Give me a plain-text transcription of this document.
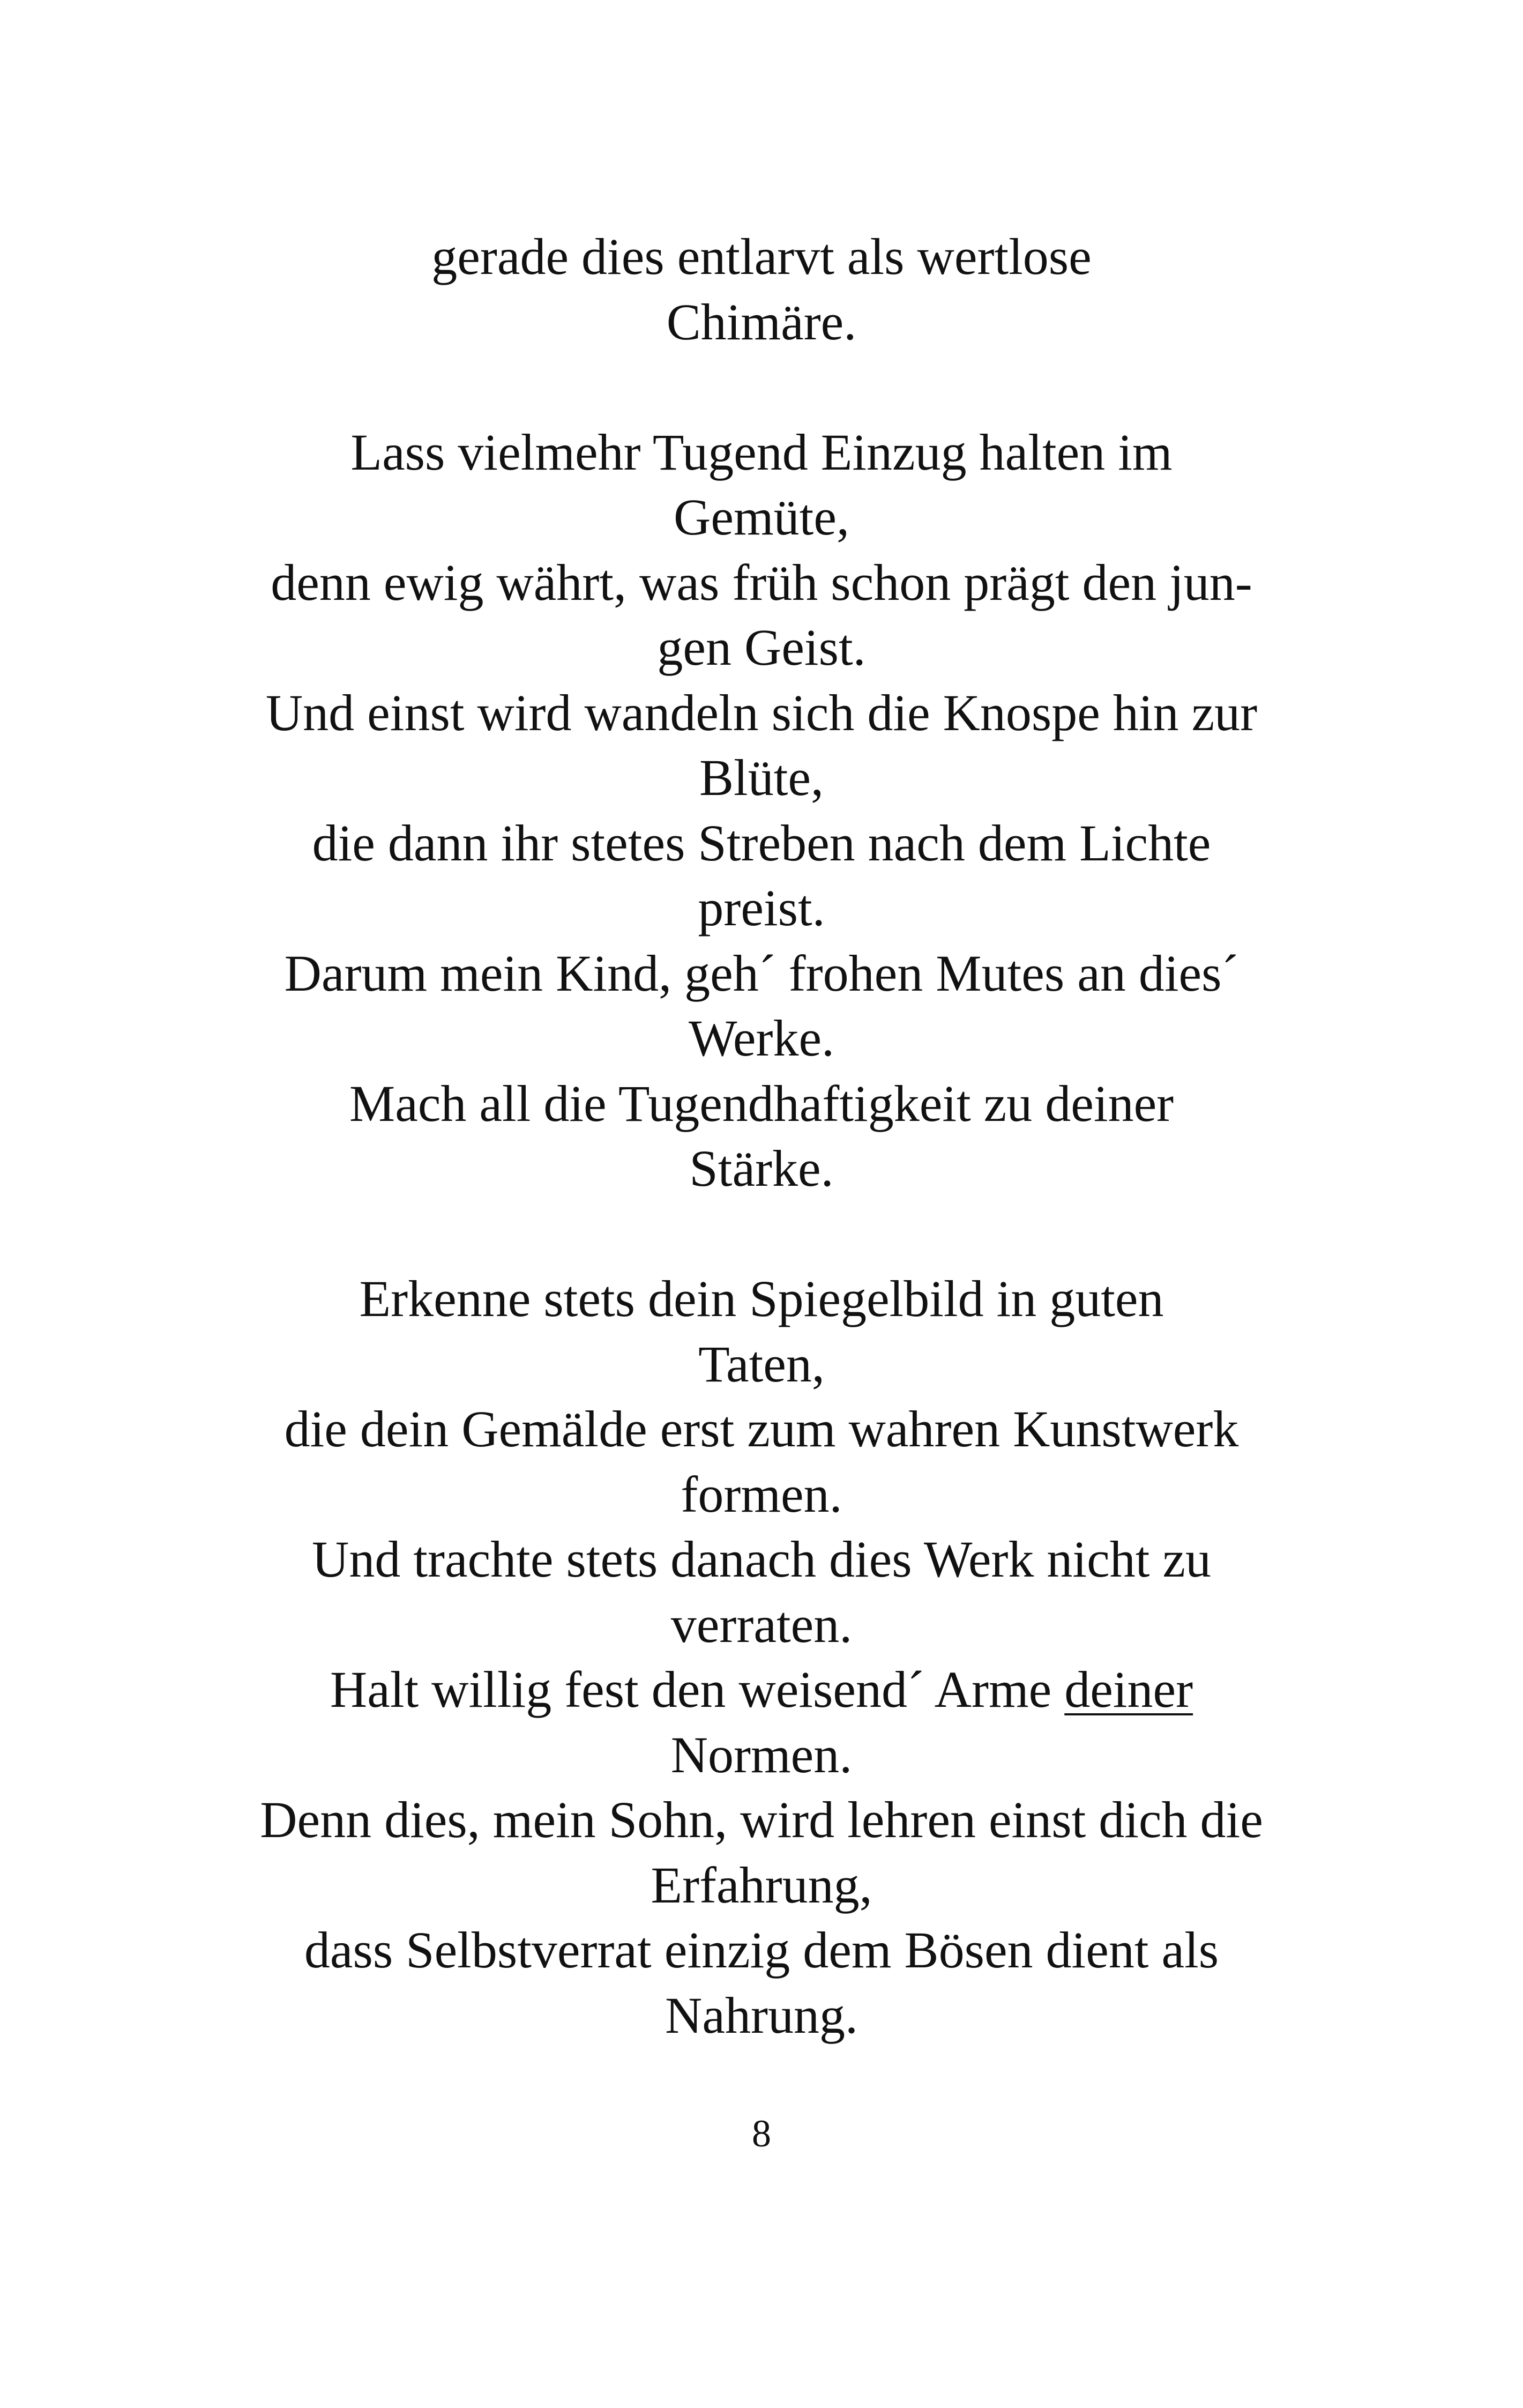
gerade dies entlarvt als wertlose
Chimäre.
Lass vielmehr Tugend Einzug halten im
Gemüte,
denn ewig währt, was früh schon prägt den jun-
gen Geist.
Und einst wird wandeln sich die Knospe hin zur
Blüte,
die dann ihr stetes Streben nach dem Lichte
preist.
Darum mein Kind, geh´ frohen Mutes an dies´
Werke.
Mach all die Tugendhaftigkeit zu deiner
Stärke.
Erkenne stets dein Spiegelbild in guten
Taten,
die dein Gemälde erst zum wahren Kunstwerk
formen.
Und trachte stets danach dies Werk nicht zu
verraten.
Halt willig fest den weisend´ Arme deiner
Normen.
Denn dies, mein Sohn, wird lehren einst dich die
Erfahrung,
dass Selbstverrat einzig dem Bösen dient als
Nahrung.
8
